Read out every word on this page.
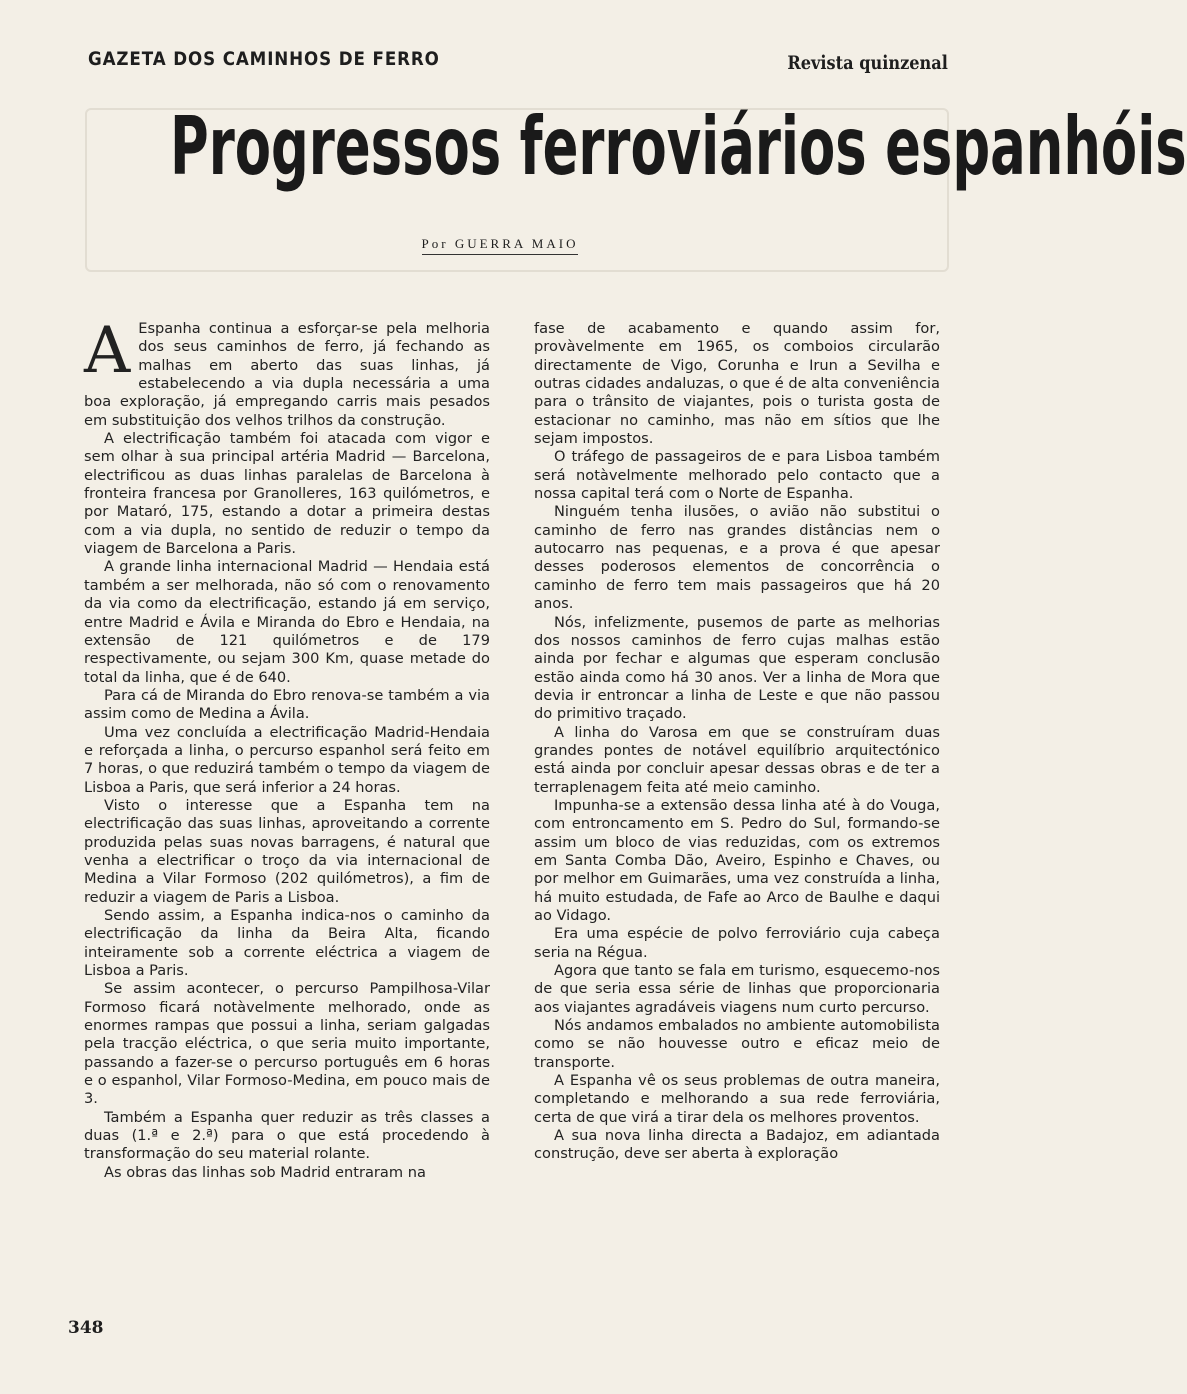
GAZETA DOS CAMINHOS DE FERRO	Revista quinzenal
Progressos ferroviários espanhóis
Por GUERRA MAIO

A Espanha continua a esforçar-se pela melhoria dos seus caminhos de ferro, já fechando as malhas em aberto das suas linhas, já estabelecendo a via dupla necessária a uma boa exploração, já empregando carris mais pesados em substituição dos velhos trilhos da construção.

A electrificação também foi atacada com vigor e sem olhar à sua principal artéria Madrid — Barcelona, electrificou as duas linhas paralelas de Barcelona à fronteira francesa por Granolleres, 163 quilómetros, e por Mataró, 175, estando a dotar a primeira destas com a via dupla, no sentido de reduzir o tempo da viagem de Barcelona a Paris.

A grande linha internacional Madrid — Hendaia está também a ser melhorada, não só com o renovamento da via como da electrificação, estando já em serviço, entre Madrid e Ávila e Miranda do Ebro e Hendaia, na extensão de 121 quilómetros e de 179 respectivamente, ou sejam 300 Km, quase metade do total da linha, que é de 640.

Para cá de Miranda do Ebro renova-se também a via assim como de Medina a Ávila.

Uma vez concluída a electrificação Madrid-Hendaia e reforçada a linha, o percurso espanhol será feito em 7 horas, o que reduzirá também o tempo da viagem de Lisboa a Paris, que será inferior a 24 horas.

Visto o interesse que a Espanha tem na electrificação das suas linhas, aproveitando a corrente produzida pelas suas novas barragens, é natural que venha a electrificar o troço da via internacional de Medina a Vilar Formoso (202 quilómetros), a fim de reduzir a viagem de Paris a Lisboa.

Sendo assim, a Espanha indica-nos o caminho da electrificação da linha da Beira Alta, ficando inteiramente sob a corrente eléctrica a viagem de Lisboa a Paris.

Se assim acontecer, o percurso Pampilhosa-Vilar Formoso ficará notàvelmente melhorado, onde as enormes rampas que possui a linha, seriam galgadas pela tracção eléctrica, o que seria muito importante, passando a fazer-se o percurso português em 6 horas e o espanhol, Vilar Formoso-Medina, em pouco mais de 3.

Também a Espanha quer reduzir as três classes a duas (1.ª e 2.ª) para o que está procedendo à transformação do seu material rolante.

As obras das linhas sob Madrid entraram na

fase de acabamento e quando assim for, provàvelmente em 1965, os comboios circularão directamente de Vigo, Corunha e Irun a Sevilha e outras cidades andaluzas, o que é de alta conveniência para o trânsito de viajantes, pois o turista gosta de estacionar no caminho, mas não em sítios que lhe sejam impostos.

O tráfego de passageiros de e para Lisboa também será notàvelmente melhorado pelo contacto que a nossa capital terá com o Norte de Espanha.

Ninguém tenha ilusões, o avião não substitui o caminho de ferro nas grandes distâncias nem o autocarro nas pequenas, e a prova é que apesar desses poderosos elementos de concorrência o caminho de ferro tem mais passageiros que há 20 anos.

Nós, infelizmente, pusemos de parte as melhorias dos nossos caminhos de ferro cujas malhas estão ainda por fechar e algumas que esperam conclusão estão ainda como há 30 anos. Ver a linha de Mora que devia ir entroncar a linha de Leste e que não passou do primitivo traçado.

A linha do Varosa em que se construíram duas grandes pontes de notável equilíbrio arquitectónico está ainda por concluir apesar dessas obras e de ter a terraplenagem feita até meio caminho.

Impunha-se a extensão dessa linha até à do Vouga, com entroncamento em S. Pedro do Sul, formando-se assim um bloco de vias reduzidas, com os extremos em Santa Comba Dão, Aveiro, Espinho e Chaves, ou por melhor em Guimarães, uma vez construída a linha, há muito estudada, de Fafe ao Arco de Baulhe e daqui ao Vidago.

Era uma espécie de polvo ferroviário cuja cabeça seria na Régua.

Agora que tanto se fala em turismo, esquecemo-nos de que seria essa série de linhas que proporcionaria aos viajantes agradáveis viagens num curto percurso.

Nós andamos embalados no ambiente automobilista como se não houvesse outro e eficaz meio de transporte.

A Espanha vê os seus problemas de outra maneira, completando e melhorando a sua rede ferroviária, certa de que virá a tirar dela os melhores proventos.

A sua nova linha directa a Badajoz, em adiantada construção, deve ser aberta à exploração

348
